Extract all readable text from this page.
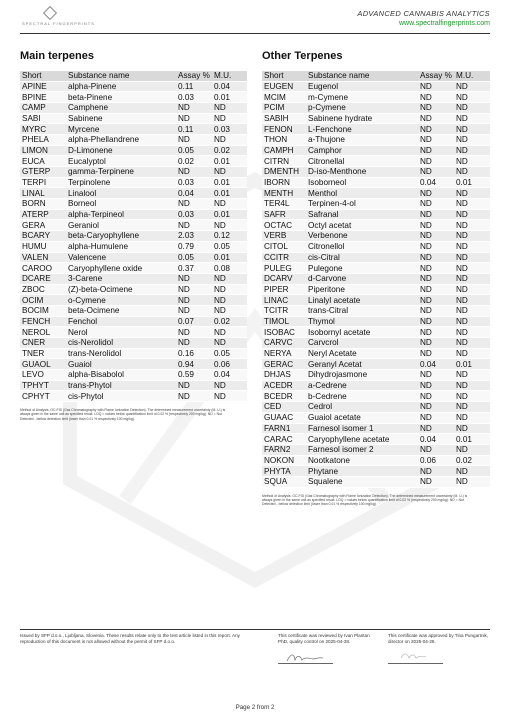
SPECTRAL FINGERPRINTS
ADVANCED CANNABIS ANALYTICS
www.spectralfingerprints.com
Main terpenes
Short	Substance name	Assay %	M.U.
APINE	alpha-Pinene	0.11	0.04
BPINE	beta-Pinene	0.03	0.01
CAMP	Camphene	ND	ND
SABI	Sabinene	ND	ND
MYRC	Myrcene	0.11	0.03
PHELA	alpha-Phellandrene	ND	ND
LIMON	D-Limonene	0.05	0.02
EUCA	Eucalyptol	0.02	0.01
GTERP	gamma-Terpinene	ND	ND
TERPI	Terpinolene	0.03	0.01
LINAL	Linalool	0.04	0.01
BORN	Borneol	ND	ND
ATERP	alpha-Terpineol	0.03	0.01
GERA	Geraniol	ND	ND
BCARY	beta-Caryophyllene	2.03	0.12
HUMU	alpha-Humulene	0.79	0.05
VALEN	Valencene	0.05	0.01
CAROO	Caryophyllene oxide	0.37	0.08
DCARE	3-Carene	ND	ND
ZBOC	(Z)-beta-Ocimene	ND	ND
OCIM	o-Cymene	ND	ND
BOCIM	beta-Ocimene	ND	ND
FENCH	Fenchol	0.07	0.02
NEROL	Nerol	ND	ND
CNER	cis-Nerolidol	ND	ND
TNER	trans-Nerolidol	0.16	0.05
GUAOL	Guaiol	0.94	0.06
LEVO	alpha-Bisabolol	0.59	0.04
TPHYT	trans-Phytol	ND	ND
CPHYT	cis-Phytol	ND	ND
Method of Analysis: GC-FID (Gas Chromatography with Flame Ionization Detection). The determined measurement uncertainty (M. U.) is always given in the same unit as specified result. LOQ = values below quantification limit of 0.02 % (respectively 200 mg/kg). ND = Not Detected - bellow detection limit (lower than 0.01 % respectively 100 mg/kg).
Other Terpenes
Short	Substance name	Assay %	M.U.
EUGEN	Eugenol	ND	ND
MCIM	m-Cymene	ND	ND
PCIM	p-Cymene	ND	ND
SABIH	Sabinene hydrate	ND	ND
FENON	L-Fenchone	ND	ND
THON	a-Thujone	ND	ND
CAMPH	Camphor	ND	ND
CITRN	Citronellal	ND	ND
DMENTH	D-iso-Menthone	ND	ND
IBORN	Isoborneol	0.04	0.01
MENTH	Menthol	ND	ND
TER4L	Terpinen-4-ol	ND	ND
SAFR	Safranal	ND	ND
OCTAC	Octyl acetat	ND	ND
VERB	Verbenone	ND	ND
CITOL	Citronellol	ND	ND
CCITR	cis-Citral	ND	ND
PULEG	Pulegone	ND	ND
DCARV	d-Carvone	ND	ND
PIPER	Piperitone	ND	ND
LINAC	Linalyl acetate	ND	ND
TCITR	trans-Citral	ND	ND
TIMOL	Thymol	ND	ND
ISOBAC	Isobornyl acetate	ND	ND
CARVC	Carvcrol	ND	ND
NERYA	Neryl Acetate	ND	ND
GERAC	Geranyl Acetat	0.04	0.01
DHJAS	Dihydrojasmone	ND	ND
ACEDR	a-Cedrene	ND	ND
BCEDR	b-Cedrene	ND	ND
CED	Cedrol	ND	ND
GUAAC	Guaiol acetate	ND	ND
FARN1	Farnesol isomer 1	ND	ND
CARAC	Caryophyllene acetate	0.04	0.01
FARN2	Farnesol isomer 2	ND	ND
NOKON	Nootkatone	0.06	0.02
PHYTA	Phytane	ND	ND
SQUA	Squalene	ND	ND
Method of Analysis: GC-FID (Gas Chromatography with Flame Ionization Detection). The determined measurement uncertainty (M. U.) is always given in the same unit as specified result. LOQ = values below quantification limit of 0.02 % (respectively 200 mg/kg). ND = Not Detected - bellow detection limit (lower than 0.01 % respectively 100 mg/kg).
Issued by SFP d.o.o., Ljubljana, Slovenia. These results relate only to the test article listed in this report. Any reproduction of this document is not allowed without the permit of SFP d.o.o.
This certificate was reviewed by Ivan Plantan PhD, quality control on 2025-04-28.
This certificate was approved by Tina Pungartnik, director on 2025-04-28.
Page 2 from 2
